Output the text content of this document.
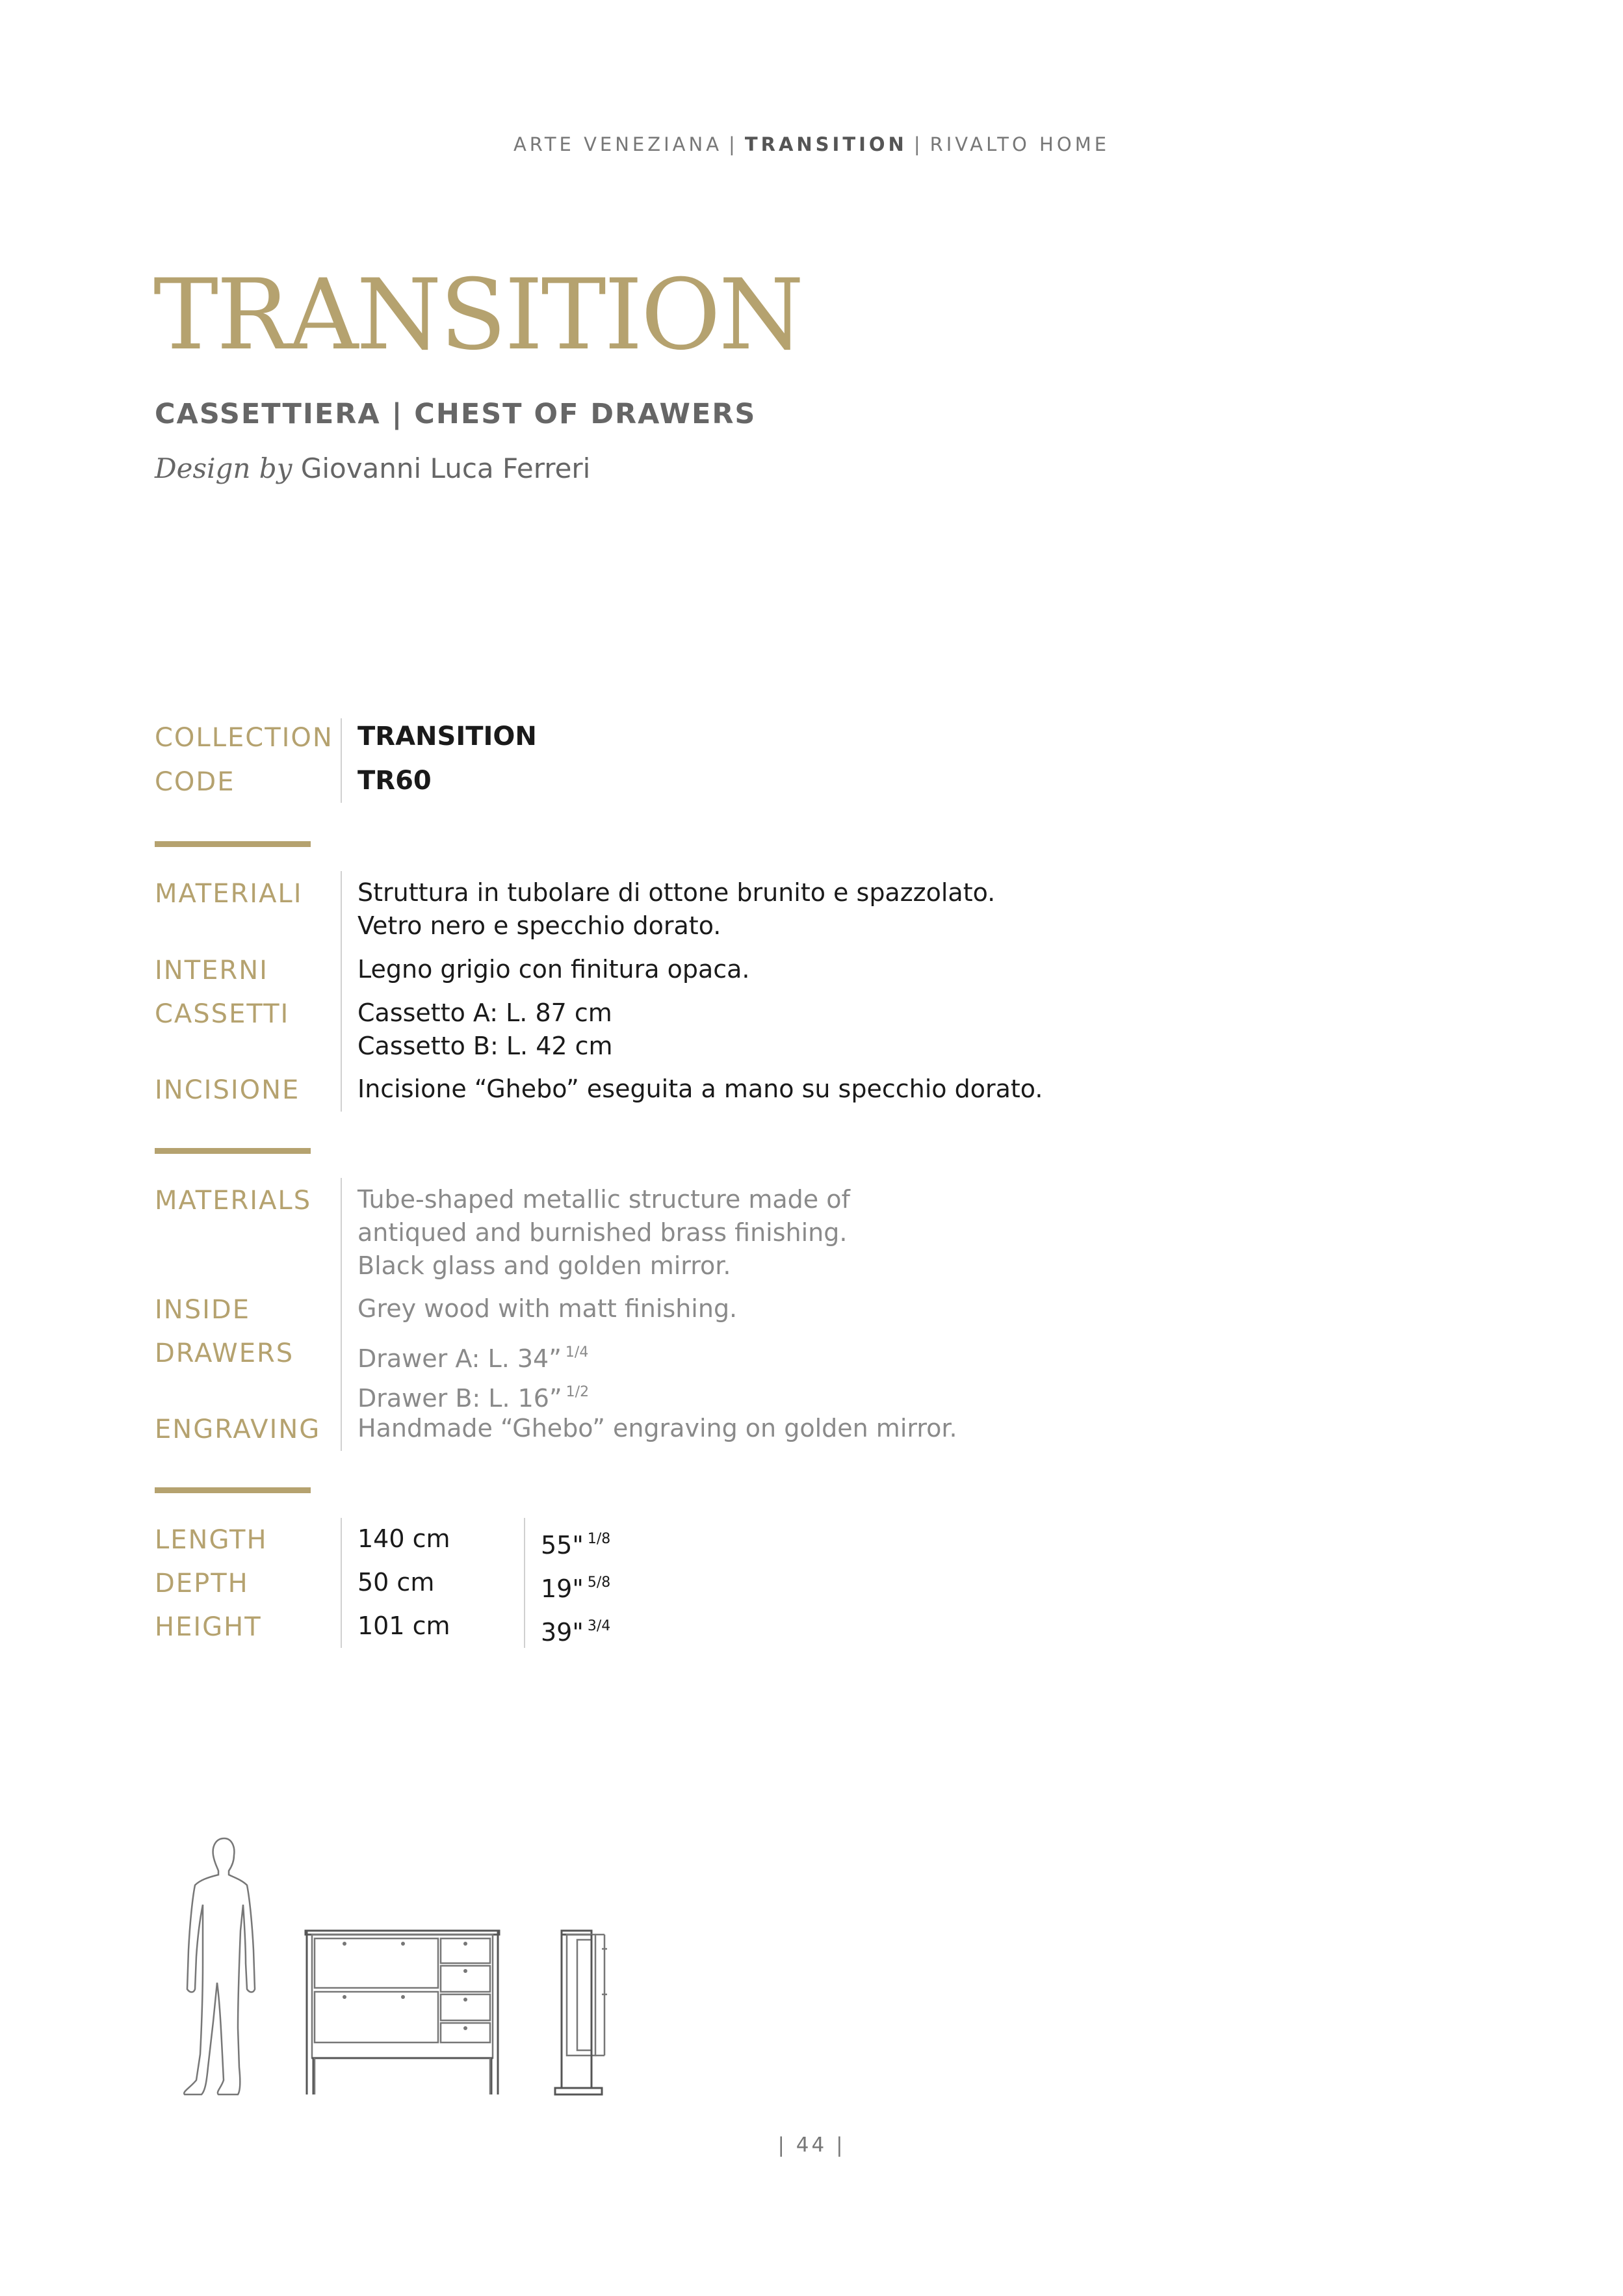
ARTE VENEZIANA | TRANSITION | RIVALTO HOME
TRANSITION
CASSETTIERA | CHEST OF DRAWERS
Design by Giovanni Luca Ferreri
COLLECTION TRANSITION
CODE	TR60
MATERIALI Struttura in tubolare di ottone brunito e spazzolato.
Vetro nero e specchio dorato.
INTERNI	Legno grigio con finitura opaca.
CASSETTI	Cassetto A: L. 87 cm
Cassetto B: L. 42 cm
INCISIONE Incisione “Ghebo” eseguita a mano su specchio dorato.
MATERIALS Tube-shaped metallic structure made of
antiqued and burnished brass finishing.
Black glass and golden mirror.
INSIDE	Grey wood with matt finishing.
DRAWERS	Drawer A: L. 34” $^{1/4}$
Drawer B: L. 16” $^{1/2}$
ENGRAVING Handmade “Ghebo” engraving on golden mirror.
LENGTH	140 cm	55" $^{1/8}$
DEPTH	50 cm	19" $^{5/8}$
HEIGHT	101 cm	39" $^{3/4}$
| 44 |
